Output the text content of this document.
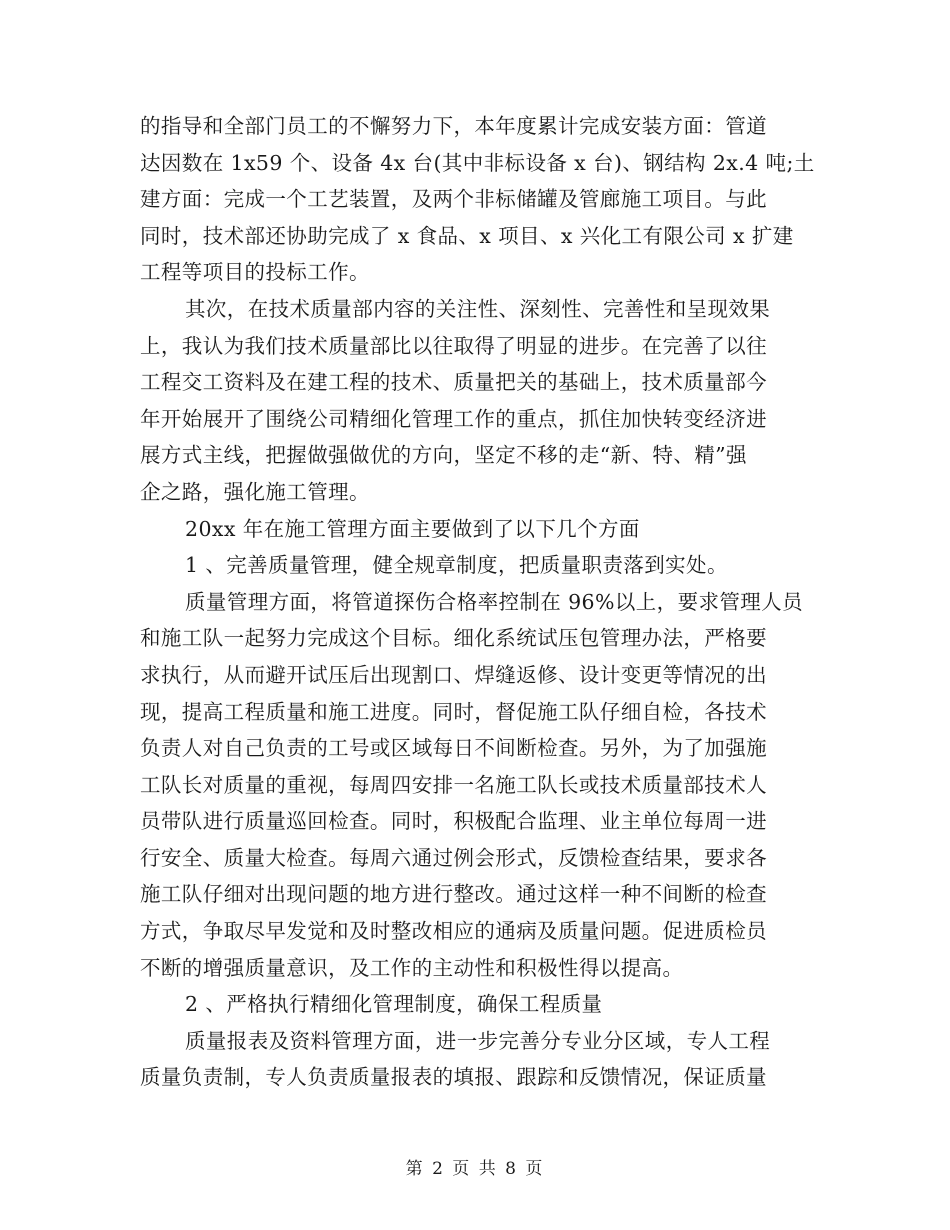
的指导和全部门员工的不懈努力下，本年度累计完成安装方面：管道
达因数在 1x59 个、设备 4x 台(其中非标设备 x 台)、钢结构 2x.4 吨;土
建方面：完成一个工艺装置，及两个非标储罐及管廊施工项目。与此
同时，技术部还协助完成了 x 食品、x 项目、x 兴化工有限公司 x 扩建
工程等项目的投标工作。
其次，在技术质量部内容的关注性、深刻性、完善性和呈现效果
上，我认为我们技术质量部比以往取得了明显的进步。在完善了以往
工程交工资料及在建工程的技术、质量把关的基础上，技术质量部今
年开始展开了围绕公司精细化管理工作的重点，抓住加快转变经济进
展方式主线，把握做强做优的方向，坚定不移的走“新、特、精”强
企之路，强化施工管理。
20xx 年在施工管理方面主要做到了以下几个方面
1 、完善质量管理，健全规章制度，把质量职责落到实处。
质量管理方面，将管道探伤合格率控制在 96%以上，要求管理人员
和施工队一起努力完成这个目标。细化系统试压包管理办法，严格要
求执行，从而避开试压后出现割口、焊缝返修、设计变更等情况的出
现，提高工程质量和施工进度。同时，督促施工队仔细自检，各技术
负责人对自己负责的工号或区域每日不间断检查。另外，为了加强施
工队长对质量的重视，每周四安排一名施工队长或技术质量部技术人
员带队进行质量巡回检查。同时，积极配合监理、业主单位每周一进
行安全、质量大检查。每周六通过例会形式，反馈检查结果，要求各
施工队仔细对出现问题的地方进行整改。通过这样一种不间断的检查
方式，争取尽早发觉和及时整改相应的通病及质量问题。促进质检员
不断的增强质量意识，及工作的主动性和积极性得以提高。
2 、严格执行精细化管理制度，确保工程质量
质量报表及资料管理方面，进一步完善分专业分区域，专人工程
质量负责制，专人负责质量报表的填报、跟踪和反馈情况，保证质量
第 2 页 共 8 页
